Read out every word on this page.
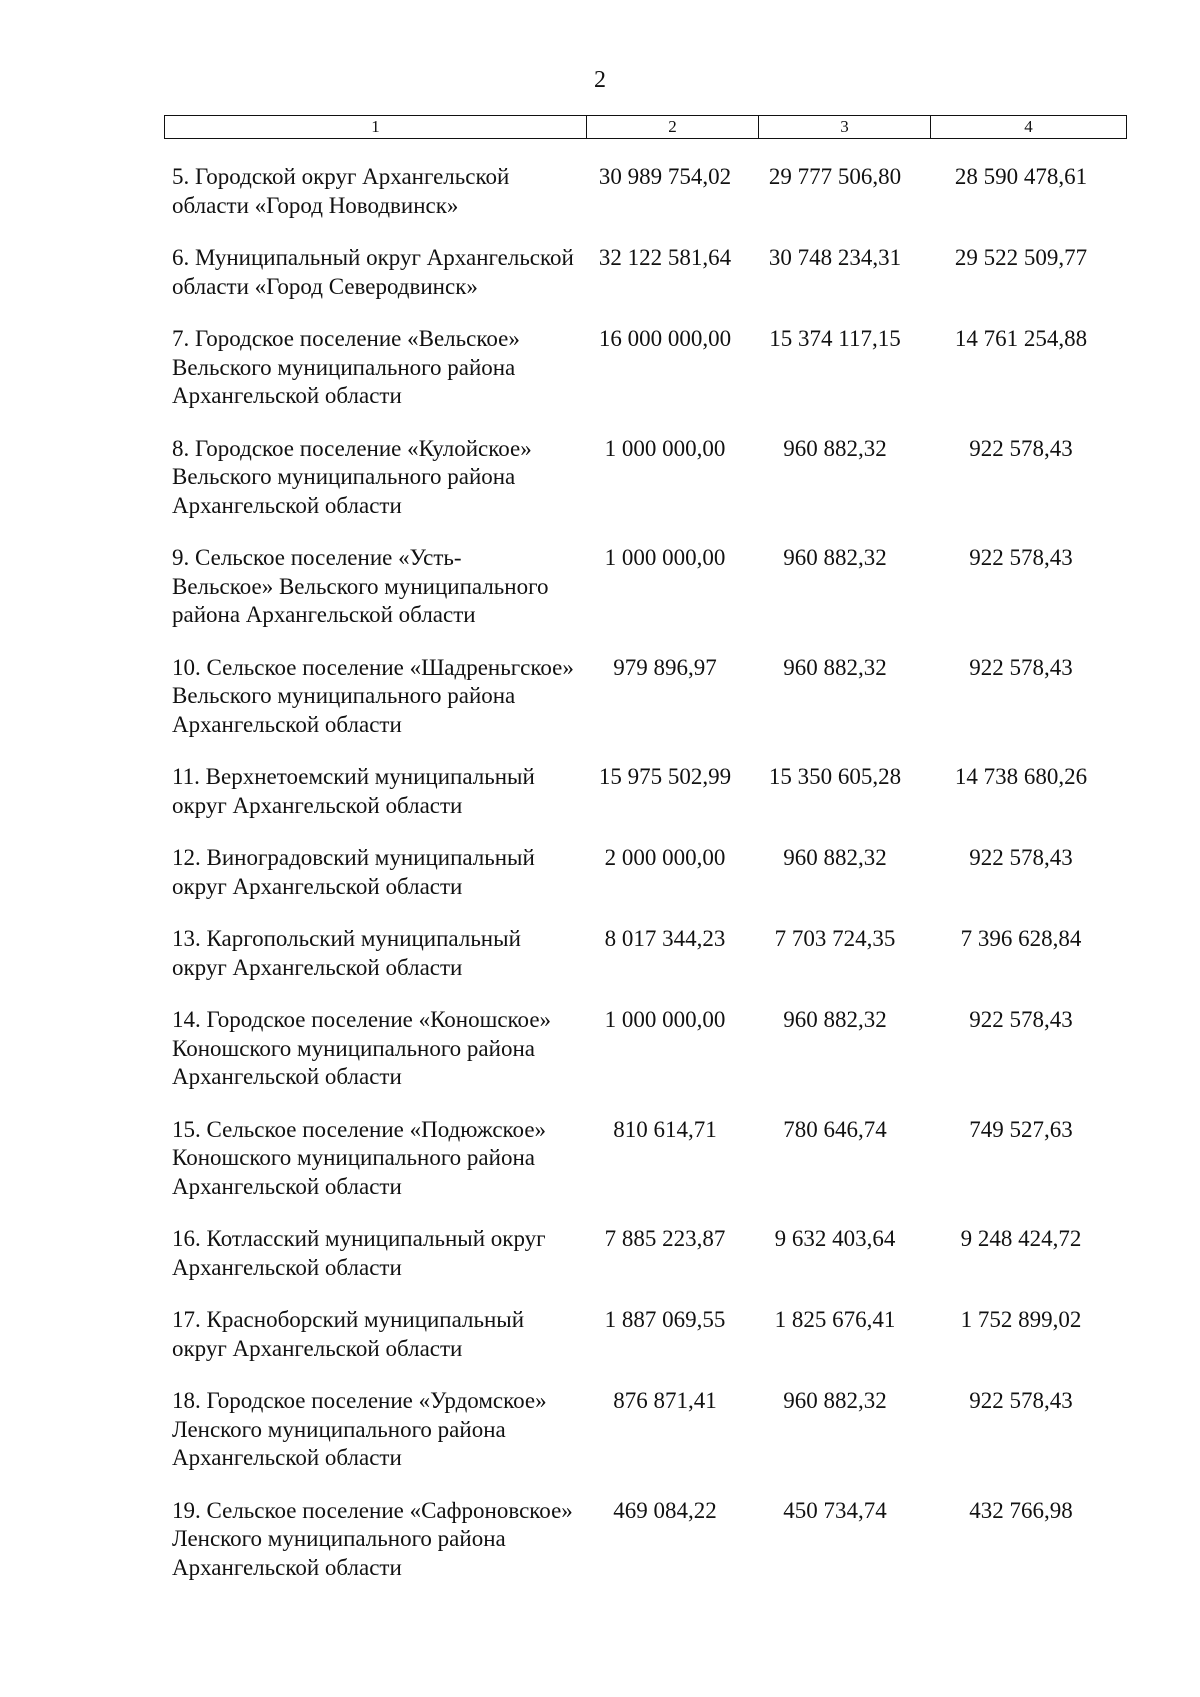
2
1	2	3	4
5. Городской округ Архангельской
области «Город Новодвинск»
30 989 754,02	29 777 506,80	28 590 478,61
6. Муниципальный округ Архангельской
области «Город Северодвинск»
32 122 581,64	30 748 234,31	29 522 509,77
7. Городское поселение «Вельское»
Вельского муниципального района
Архангельской области
16 000 000,00	15 374 117,15	14 761 254,88
8. Городское поселение «Кулойское»
Вельского муниципального района
Архангельской области
1 000 000,00	960 882,32	922 578,43
9. Сельское поселение «Усть-
Вельское» Вельского муниципального
района Архангельской области
1 000 000,00	960 882,32	922 578,43
10. Сельское поселение «Шадреньгское»
Вельского муниципального района
Архангельской области
979 896,97	960 882,32	922 578,43
11. Верхнетоемский муниципальный
округ Архангельской области
15 975 502,99	15 350 605,28	14 738 680,26
12. Виноградовский муниципальный
округ Архангельской области
2 000 000,00	960 882,32	922 578,43
13. Каргопольский муниципальный
округ Архангельской области
8 017 344,23	7 703 724,35	7 396 628,84
14. Городское поселение «Коношское»
Коношского муниципального района
Архангельской области
1 000 000,00	960 882,32	922 578,43
15. Сельское поселение «Подюжское»
Коношского муниципального района
Архангельской области
810 614,71	780 646,74	749 527,63
16. Котласский муниципальный округ
Архангельской области
7 885 223,87	9 632 403,64	9 248 424,72
17. Красноборский муниципальный
округ Архангельской области
1 887 069,55	1 825 676,41	1 752 899,02
18. Городское поселение «Урдомское»
Ленского муниципального района
Архангельской области
876 871,41	960 882,32	922 578,43
19. Сельское поселение «Сафроновское»
Ленского муниципального района
Архангельской области
469 084,22	450 734,74	432 766,98
